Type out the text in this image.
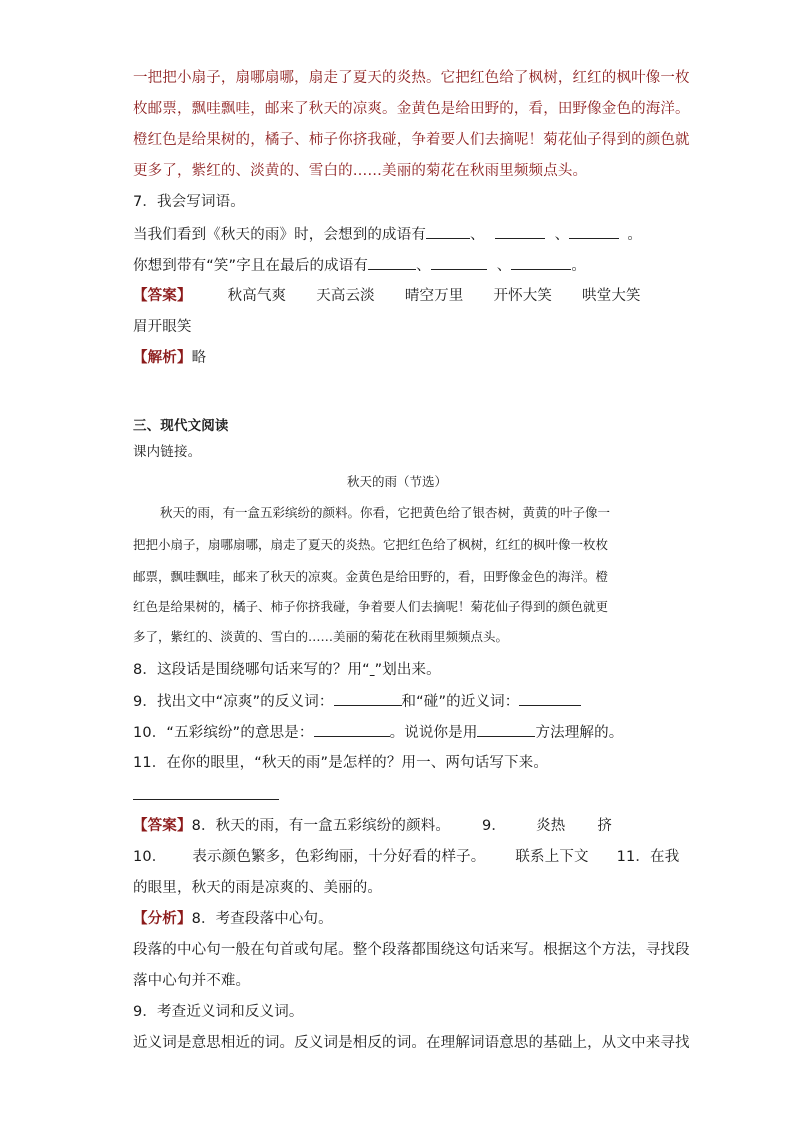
一把把小扇子，扇哪扇哪，扇走了夏天的炎热。它把红色给了枫树，红红的枫叶像一枚
枚邮票，飘哇飘哇，邮来了秋天的凉爽。金黄色是给田野的，看，田野像金色的海洋。
橙红色是给果树的，橘子、柿子你挤我碰，争着要人们去摘呢！菊花仙子得到的颜色就
更多了，紫红的、淡黄的、雪白的……美丽的菊花在秋雨里频频点头。
7．我会写词语。
当我们看到《秋天的雨》时，会想到的成语有	、	、	。
你想到带有“笑”字且在最后的成语有	、	、	。
【答案】 秋高气爽 天高云淡 晴空万里 开怀大笑 哄堂大笑
眉开眼笑
【解析】略
三、现代文阅读
课内链接。
秋天的雨（节选）
秋天的雨，有一盒五彩缤纷的颜料。你看，它把黄色给了银杏树，黄黄的叶子像一
把把小扇子，扇哪扇哪，扇走了夏天的炎热。它把红色给了枫树，红红的枫叶像一枚枚
邮票，飘哇飘哇，邮来了秋天的凉爽。金黄色是给田野的，看，田野像金色的海洋。橙
红色是给果树的，橘子、柿子你挤我碰，争着要人们去摘呢！菊花仙子得到的颜色就更
多了，紫红的、淡黄的、雪白的……美丽的菊花在秋雨里频频点头。
8．这段话是围绕哪句话来写的？用“ ”划出来。
9．找出文中“凉爽”的反义词：	和“碰”的近义词：
10．“五彩缤纷”的意思是：	。说说你是用	方法理解的。
11．在你的眼里，“秋天的雨”是怎样的？用一、两句话写下来。
【答案】8．秋天的雨，有一盒五彩缤纷的颜料。 9． 炎热 挤
10． 表示颜色繁多，色彩绚丽，十分好看的样子。 联系上下文 11．在我
的眼里，秋天的雨是凉爽的、美丽的。
【分析】8．考查段落中心句。
段落的中心句一般在句首或句尾。整个段落都围绕这句话来写。根据这个方法，寻找段
落中心句并不难。
9．考查近义词和反义词。
近义词是意思相近的词。反义词是相反的词。在理解词语意思的基础上，从文中来寻找
